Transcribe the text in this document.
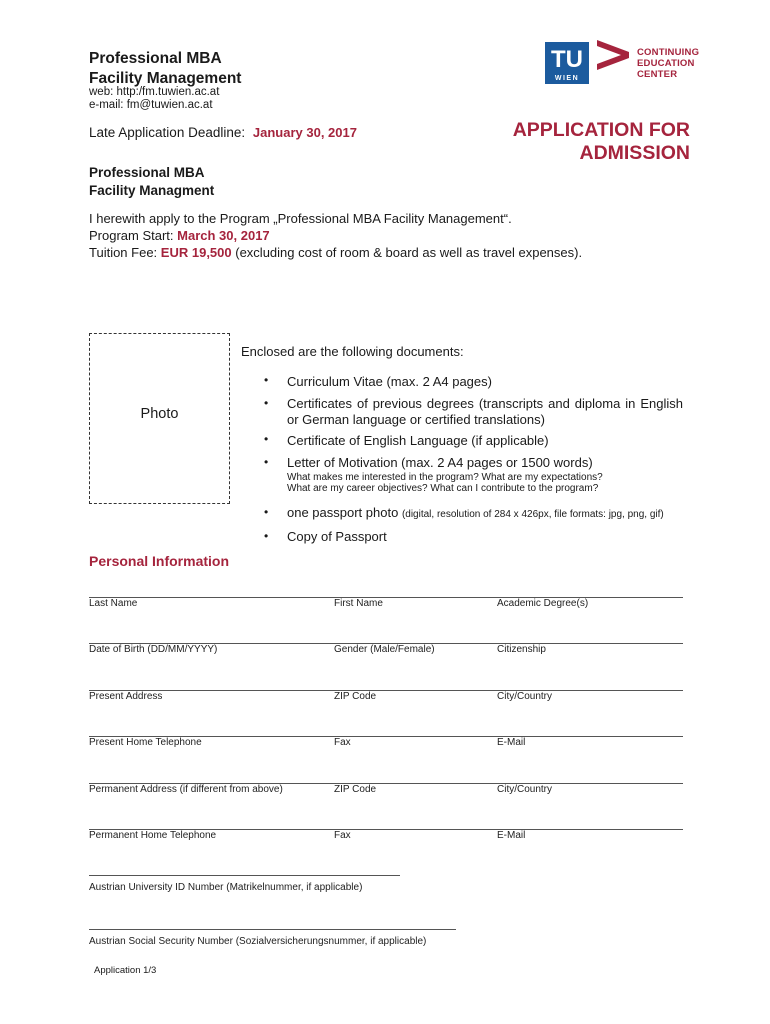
Professional MBA
Facility Management
web: http:/fm.tuwien.ac.at
e-mail: fm@tuwien.ac.at
Late Application Deadline: January 30, 2017
TU
WIEN
CONTINUING
EDUCATION
CENTER
APPLICATION FOR
ADMISSION
Professional MBA
Facility Managment
I herewith apply to the Program „Professional MBA Facility Management“.
Program Start: March 30, 2017
Tuition Fee: EUR 19,500 (excluding cost of room & board as well as travel expenses).
Photo
Enclosed are the following documents:
• Curriculum Vitae (max. 2 A4 pages)
• Certificates of previous degrees (transcripts and diploma in English or German language or certified translations)
• Certificate of English Language (if applicable)
• Letter of Motivation (max. 2 A4 pages or 1500 words)
What makes me interested in the program? What are my expectations?
What are my career objectives? What can I contribute to the program?
• one passport photo (digital, resolution of 284 x 426px, file formats: jpg, png, gif)
• Copy of Passport
Personal Information
Last Name	First Name	Academic Degree(s)
Date of Birth (DD/MM/YYYY)	Gender (Male/Female)	Citizenship
Present Address	ZIP Code	City/Country
Present Home Telephone	Fax	E-Mail
Permanent Address (if different from above)	ZIP Code	City/Country
Permanent Home Telephone	Fax	E-Mail
Austrian University ID Number (Matrikelnummer, if applicable)
Austrian Social Security Number (Sozialversicherungsnummer, if applicable)
Application 1/3
